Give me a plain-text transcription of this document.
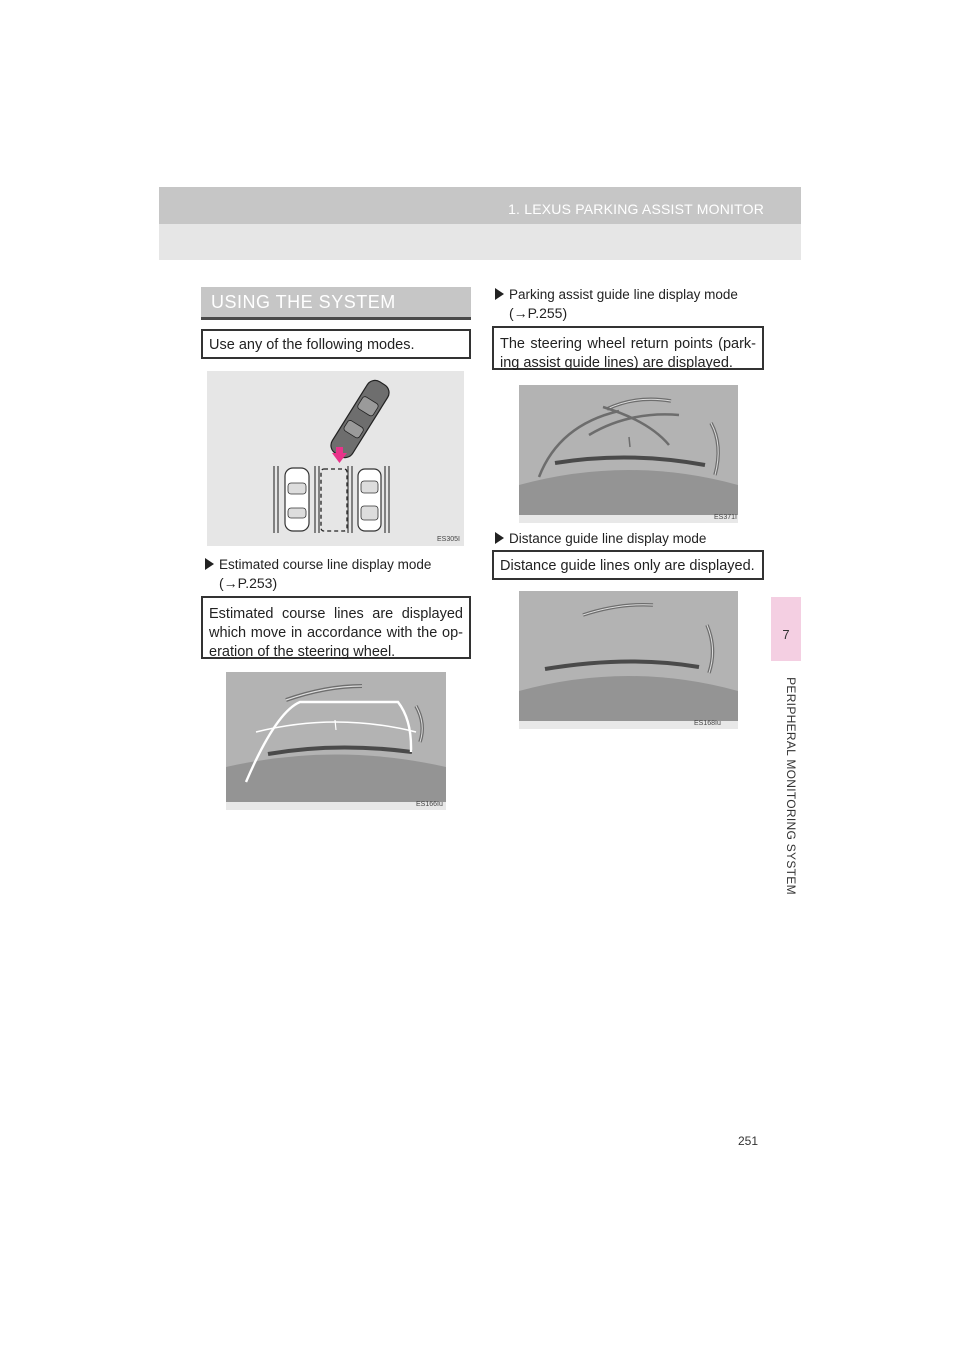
1. LEXUS PARKING ASSIST MONITOR
7
PERIPHERAL MONITORING SYSTEM
USING THE SYSTEM
Use any of the following modes.
ES305I
Estimated course line display mode
(→P.253)
Estimated course lines are displayed which move in accordance with the op- eration of the steering wheel.
ES166Iu
Parking assist guide line display mode
(→P.255)
The steering wheel return points (park- ing assist guide lines) are displayed.
ES371I
Distance guide line display mode
Distance guide lines only are displayed.
ES168Iu
251
